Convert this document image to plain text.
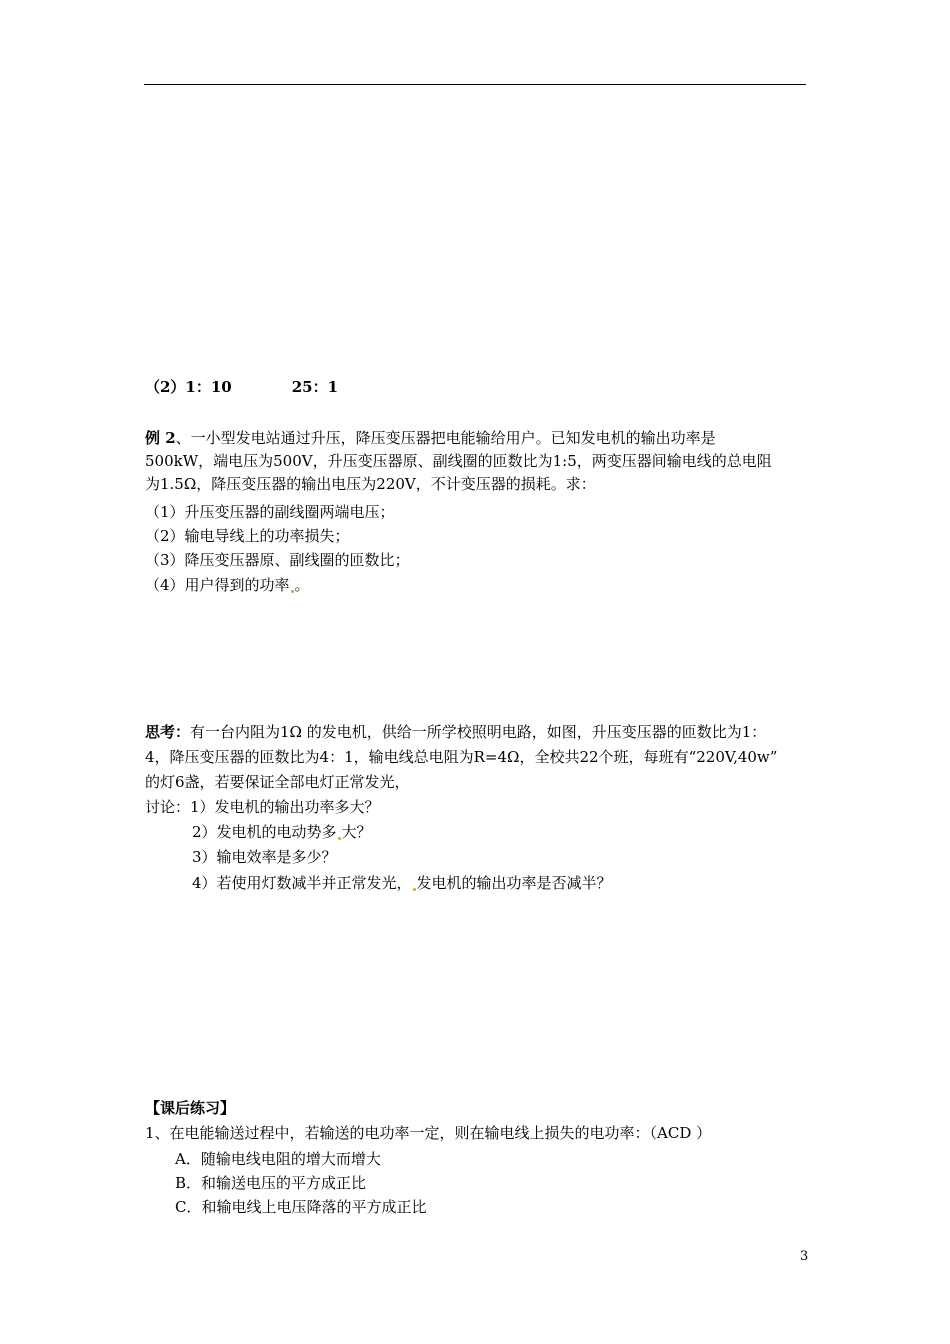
（2）1：10	25：1
例 2、一小型发电站通过升压，降压变压器把电能输给用户。已知发电机的输出功率是
500kW，端电压为500V，升压变压器原、副线圈的匝数比为1:5，两变压器间输电线的总电阻
为1.5Ω，降压变压器的输出电压为220V，不计变压器的损耗。求：
（1）升压变压器的副线圈两端电压；
（2）输电导线上的功率损失；
（3）降压变压器原、副线圈的匝数比；
（4）用户得到的功率 。
思考：有一台内阻为1Ω 的发电机，供给一所学校照明电路，如图，升压变压器的匝数比为1：
4，降压变压器的匝数比为4：1，输电线总电阻为R=4Ω，全校共22个班，每班有“220V,40w”
的灯6盏，若要保证全部电灯正常发光，
讨论：1）发电机的输出功率多大？
2）发电机的电动势多 大？
3）输电效率是多少？
4）若使用灯数减半并正常发光， 发电机的输出功率是否减半？
【课后练习】
1、在电能输送过程中，若输送的电功率一定，则在输电线上损失的电功率：（ACD ）
A．随输电线电阻的增大而增大
B．和输送电压的平方成正比
C．和输电线上电压降落的平方成正比
3
